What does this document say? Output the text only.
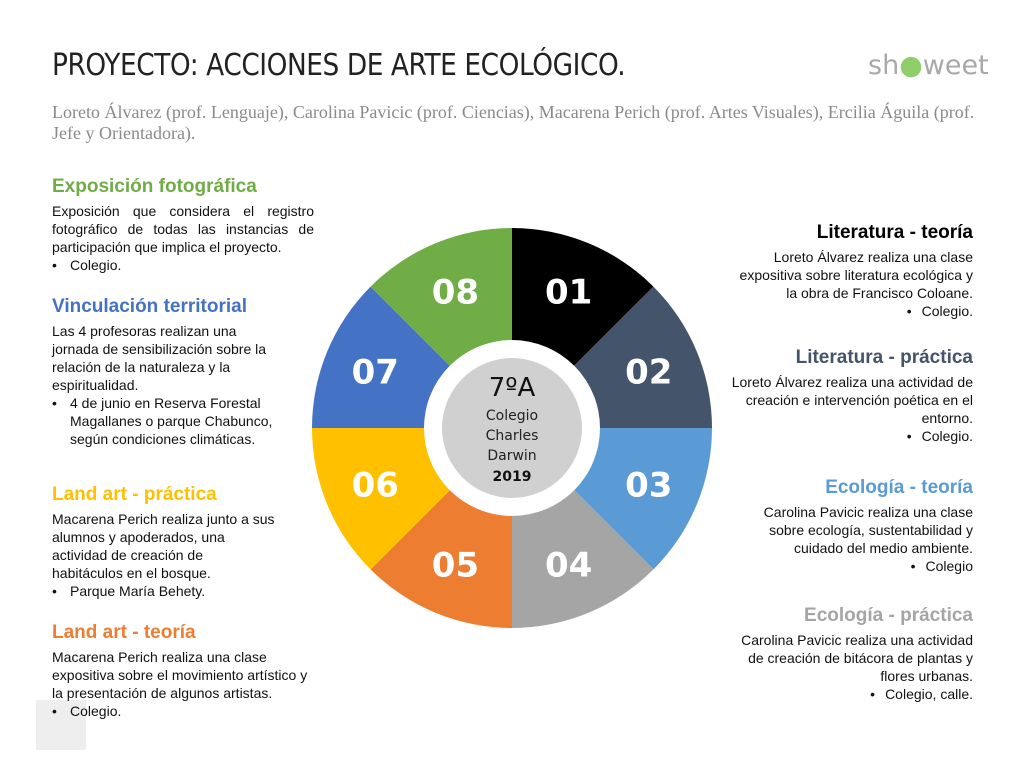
PROYECTO: ACCIONES DE ARTE ECOLÓGICO.	sh●weet
Loreto Álvarez (prof. Lenguaje), Carolina Pavicic (prof. Ciencias), Macarena Perich (prof. Artes Visuales), Ercilia Águila (prof. Jefe y Orientadora).
Exposición fotográfica

Exposición que considera el registro fotográfico de todas las instancias de participación que implica el proyecto.

• Colegio.
Vinculación territorial

Las 4 profesoras realizan una jornada de sensibilización sobre la relación de la naturaleza y la espiritualidad.

• 4 de junio en Reserva Forestal Magallanes o parque Chabunco, según condiciones climáticas.
Land art - práctica

Macarena Perich realiza junto a sus alumnos y apoderados, una actividad de creación de habitáculos en el bosque.

• Parque María Behety.
Land art - teoría

Macarena Perich realiza una clase expositiva sobre el movimiento artístico y la presentación de algunos artistas.

• Colegio.
Literatura - teoría

Loreto Álvarez realiza una clase expositiva sobre literatura ecológica y la obra de Francisco Coloane.

• Colegio.
Literatura - práctica

Loreto Álvarez realiza una actividad de creación e intervención poética en el entorno.

• Colegio.
Ecología - teoría

Carolina Pavicic realiza una clase sobre ecología, sustentabilidad y cuidado del medio ambiente.

• Colegio
Ecología - práctica

Carolina Pavicic realiza una actividad de creación de bitácora de plantas y flores urbanas.

• Colegio, calle.
01
02
03
04
05
06
07
08
7ºA
Colegio
Charles
Darwin
2019
